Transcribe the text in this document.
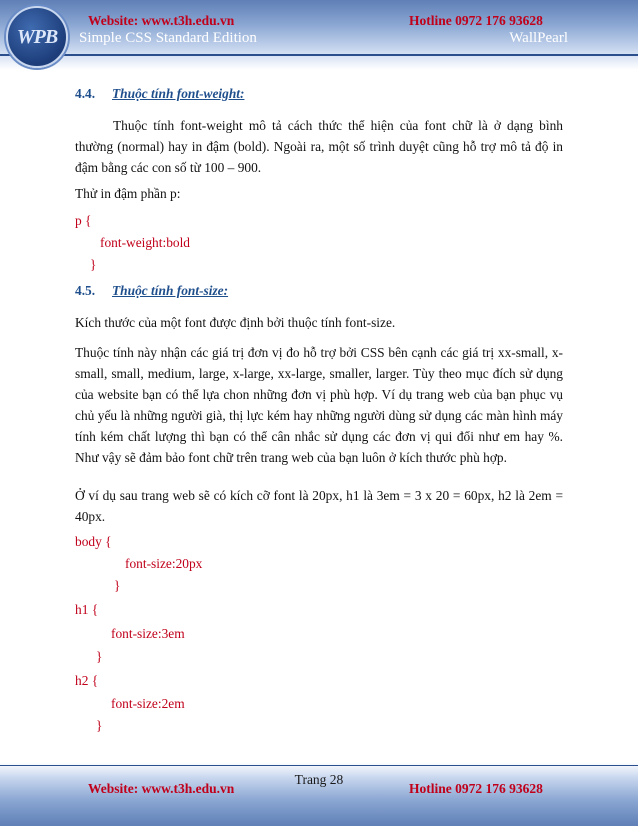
WPB
Website: www.t3h.edu.vn	Hotline 0972 176 93628
Simple CSS Standard Edition	WallPearl
4.4. Thuộc tính font-weight:
Thuộc tính font-weight mô tả cách thức thể hiện của font chữ là ở dạng bình thường (normal) hay in đậm (bold). Ngoài ra, một số trình duyệt cũng hỗ trợ mô tả độ in đậm bằng các con số từ 100 – 900.
Thử in đậm phần p:
p {
font-weight:bold
}
4.5. Thuộc tính font-size:
Kích thước của một font được định bởi thuộc tính font-size.
Thuộc tính này nhận các giá trị đơn vị đo hỗ trợ bởi CSS bên cạnh các giá trị xx-small, x-small, small, medium, large, x-large, xx-large, smaller, larger. Tùy theo mục đích sử dụng của website bạn có thể lựa chon những đơn vị phù hợp. Ví dụ trang web của bạn phục vụ chủ yếu là những người già, thị lực kém hay những người dùng sử dụng các màn hình máy tính kém chất lượng thì bạn có thể cân nhắc sử dụng các đơn vị qui đổi như em hay %. Như vậy sẽ đảm bảo font chữ trên trang web của bạn luôn ở kích thước phù hợp.
Ở ví dụ sau trang web sẽ có kích cỡ font là 20px, h1 là 3em = 3 x 20 = 60px, h2 là 2em = 40px.
body {
font-size:20px
}
h1 {
font-size:3em
}
h2 {
font-size:2em
}
Trang 28
Website: www.t3h.edu.vn	Hotline 0972 176 93628
